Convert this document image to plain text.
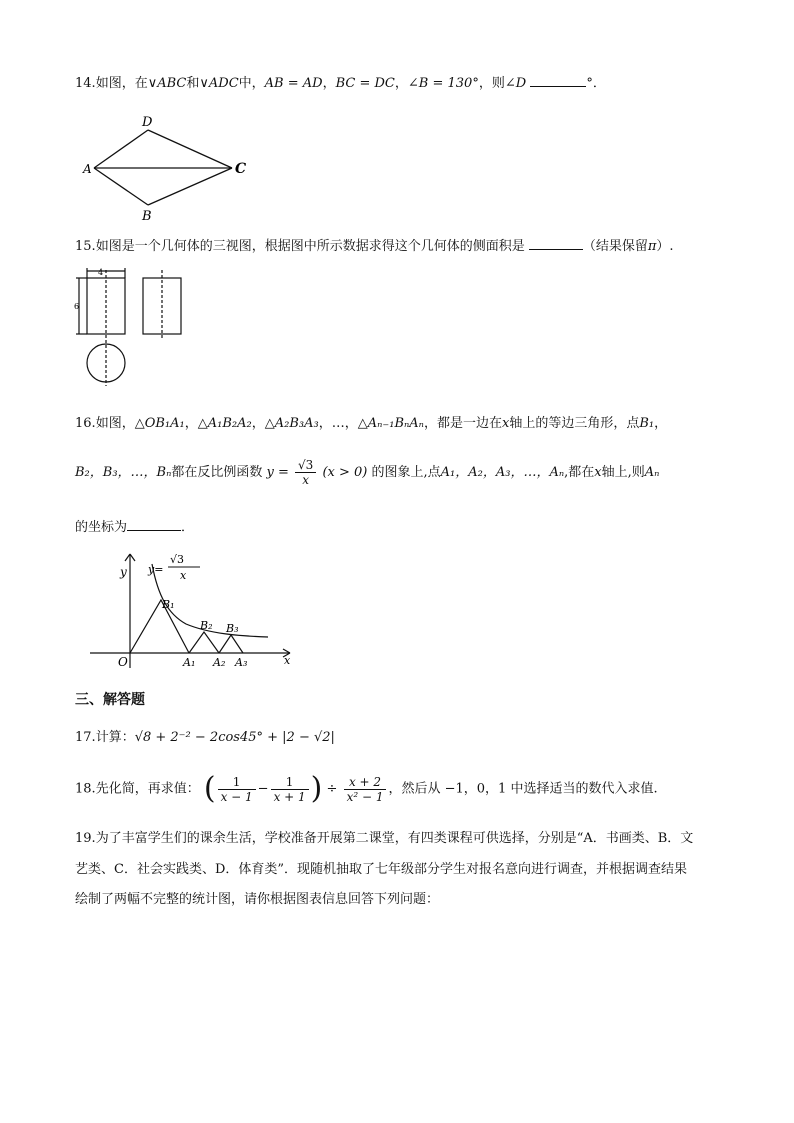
14.如图，在∨ABC和∨ADC中，AB = AD，BC = DC，∠B = 130°，则∠D	°．
A
D
C
B
15.如图是一个几何体的三视图，根据图中所示数据求得这个几何体的侧面积是	（结果保留π）.
4
6
16.如图，△OB₁A₁，△A₁B₂A₂，△A₂B₃A₃，…，△Aₙ₋₁BₙAₙ，都是一边在x轴上的等边三角形，点B₁，
B₂，B₃，…，Bₙ都在反比例函数 $y = \frac{√3}{x} (x > 0)$ 的图象上,点A₁，A₂，A₃，…，Aₙ,都在x轴上,则Aₙ
的坐标为	．
y
x
O
y=
√3
x
B₁
B₂ B₃
A₁ A₂ A₃
三、解答题
17.计算：√8 + 2⁻² − 2cos45° + |2 − √2|
18.先化简，再求值： ( $\frac{1}{x - 1} - \frac{1}{x + 1}$ ) ÷ $\frac{x + 2}{\text{x² − 1}}$ ，然后从 −1，0，1 中选择适当的数代入求值.
19.为了丰富学生们的课余生活，学校准备开展第二课堂，有四类课程可供选择，分别是“A．书画类、B．文
艺类、C．社会实践类、D．体育类”．现随机抽取了七年级部分学生对报名意向进行调查，并根据调查结果
绘制了两幅不完整的统计图，请你根据图表信息回答下列问题：
